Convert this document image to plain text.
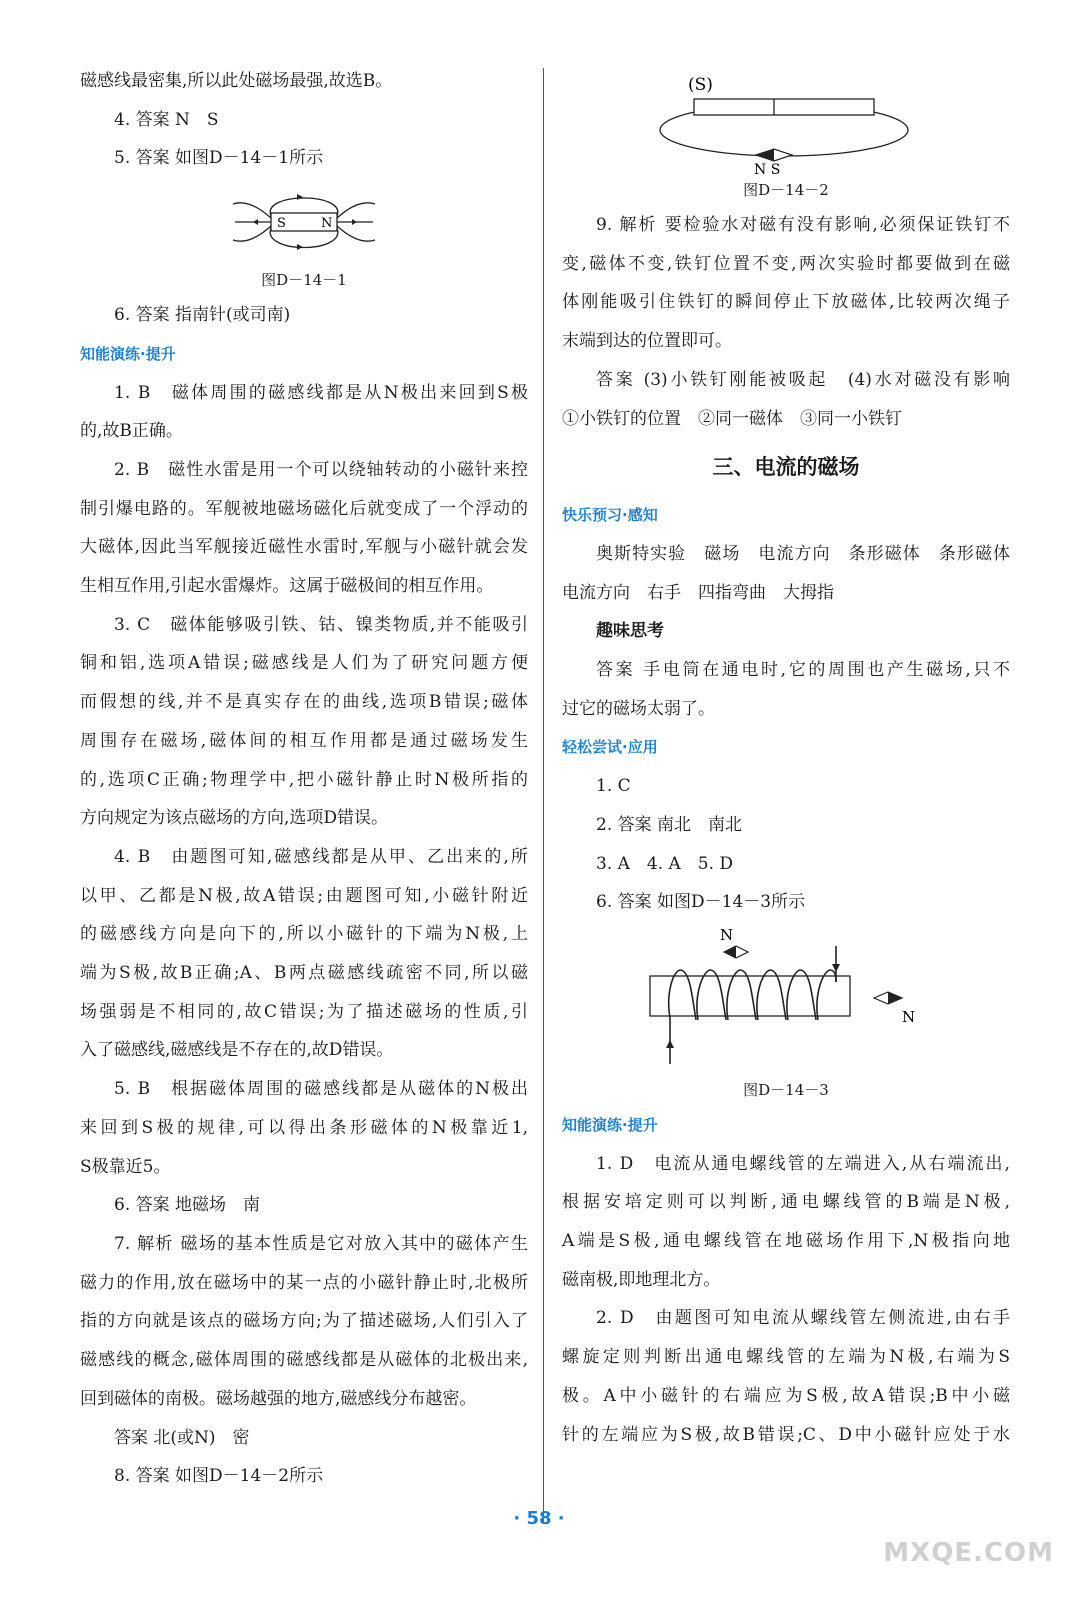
磁感线最密集,所以此处磁场最强,故选B。
4. 答案 N　S
5. 答案 如图D－14－1所示
S	N
图D－14－1
6. 答案 指南针(或司南)
知能演练·提升
1. B　磁体周围的磁感线都是从N极出来回到S极
的,故B正确。
2. B　磁性水雷是用一个可以绕轴转动的小磁针来控
制引爆电路的。军舰被地磁场磁化后就变成了一个浮动的
大磁体,因此当军舰接近磁性水雷时,军舰与小磁针就会发
生相互作用,引起水雷爆炸。这属于磁极间的相互作用。
3. C　磁体能够吸引铁、钴、镍类物质,并不能吸引
铜和铝,选项A错误;磁感线是人们为了研究问题方便
而假想的线,并不是真实存在的曲线,选项B错误;磁体
周围存在磁场,磁体间的相互作用都是通过磁场发生
的,选项C正确;物理学中,把小磁针静止时N极所指的
方向规定为该点磁场的方向,选项D错误。
4. B　由题图可知,磁感线都是从甲、乙出来的,所
以甲、乙都是N极,故A错误;由题图可知,小磁针附近
的磁感线方向是向下的,所以小磁针的下端为N极,上
端为S极,故B正确;A、B两点磁感线疏密不同,所以磁
场强弱是不相同的,故C错误;为了描述磁场的性质,引
入了磁感线,磁感线是不存在的,故D错误。
5. B　根据磁体周围的磁感线都是从磁体的N极出
来回到S极的规律,可以得出条形磁体的N极靠近1,
S极靠近5。
6. 答案 地磁场　南
7. 解析 磁场的基本性质是它对放入其中的磁体产生
磁力的作用,放在磁场中的某一点的小磁针静止时,北极所
指的方向就是该点的磁场方向;为了描述磁场,人们引入了
磁感线的概念,磁体周围的磁感线都是从磁体的北极出来,
回到磁体的南极。磁场越强的地方,磁感线分布越密。
答案 北(或N)　密
8. 答案 如图D－14－2所示
(S)
N S
图D－14－2
9. 解析 要检验水对磁有没有影响,必须保证铁钉不
变,磁体不变,铁钉位置不变,两次实验时都要做到在磁
体刚能吸引住铁钉的瞬间停止下放磁体,比较两次绳子
末端到达的位置即可。
答案 (3)小铁钉刚能被吸起　(4)水对磁没有影响
①小铁钉的位置　②同一磁体　③同一小铁钉
三、电流的磁场
快乐预习·感知
奥斯特实验　磁场　电流方向　条形磁体　条形磁体
电流方向　右手　四指弯曲　大拇指
趣味思考
答案 手电筒在通电时,它的周围也产生磁场,只不
过它的磁场太弱了。
轻松尝试·应用
1. C
2. 答案 南北　南北
3. A　4. A　5. D
6. 答案 如图D－14－3所示
N
N
图D－14－3
知能演练·提升
1. D　电流从通电螺线管的左端进入,从右端流出,
根据安培定则可以判断,通电螺线管的B端是N极,
A端是S极,通电螺线管在地磁场作用下,N极指向地
磁南极,即地理北方。
2. D　由题图可知电流从螺线管左侧流进,由右手
螺旋定则判断出通电螺线管的左端为N极,右端为S
极。A中小磁针的右端应为S极,故A错误;B中小磁
针的左端应为S极,故B错误;C、D中小磁针应处于水
· 58 ·
MXQE.COM
